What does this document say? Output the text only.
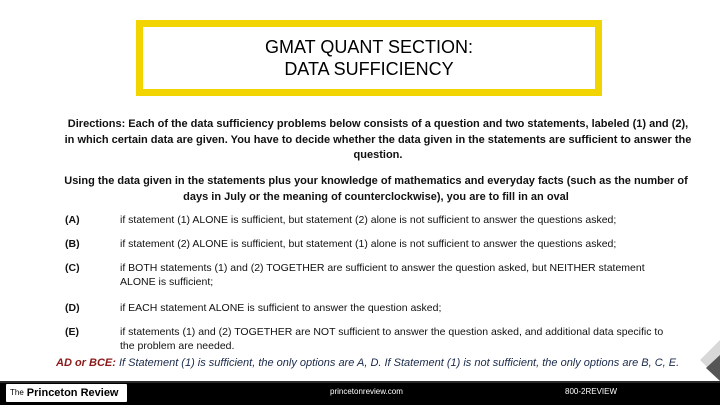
GMAT QUANT SECTION:
DATA SUFFICIENCY
Directions: Each of the data sufficiency problems below consists of a question and two statements, labeled (1) and (2), in which certain data are given. You have to decide whether the data given in the statements are sufficient to answer the question.
Using the data given in the statements plus your knowledge of mathematics and everyday facts (such as the number of days in July or the meaning of counterclockwise), you are to fill in an oval
(A)	if statement (1) ALONE is sufficient, but statement (2) alone is not sufficient to answer the questions asked;
(B)	if statement (2) ALONE is sufficient, but statement (1) alone is not sufficient to answer the questions asked;
(C)	if BOTH statements (1) and (2) TOGETHER are sufficient to answer the question asked, but NEITHER statement ALONE is sufficient;
(D)	if EACH statement ALONE is sufficient to answer the question asked;
(E)	if statements (1) and (2) TOGETHER are NOT sufficient to answer the question asked, and additional data specific to the problem are needed.
AD or BCE: If Statement (1) is sufficient, the only options are A, D. If Statement (1) is not sufficient, the only options are B, C, E.
The Princeton Review	princetonreview.com	800-2REVIEW
